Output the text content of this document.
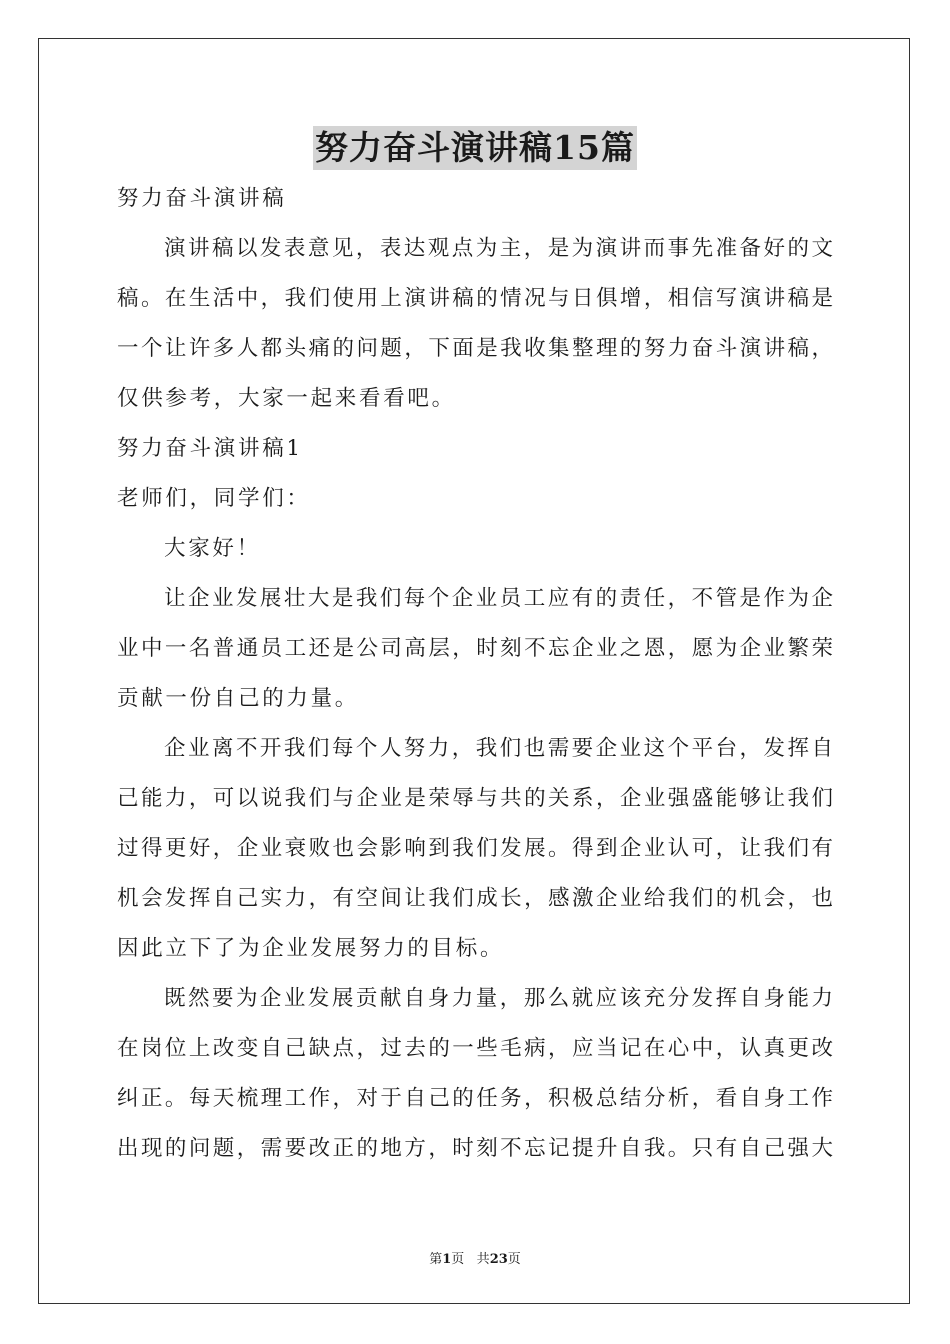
努力奋斗演讲稿15篇
努力奋斗演讲稿
演讲稿以发表意见，表达观点为主，是为演讲而事先准备好的文
稿。在生活中，我们使用上演讲稿的情况与日俱增，相信写演讲稿是
一个让许多人都头痛的问题，下面是我收集整理的努力奋斗演讲稿，
仅供参考，大家一起来看看吧。
努力奋斗演讲稿1
老师们，同学们：
大家好！
让企业发展壮大是我们每个企业员工应有的责任，不管是作为企
业中一名普通员工还是公司高层，时刻不忘企业之恩，愿为企业繁荣
贡献一份自己的力量。
企业离不开我们每个人努力，我们也需要企业这个平台，发挥自
己能力，可以说我们与企业是荣辱与共的关系，企业强盛能够让我们
过得更好，企业衰败也会影响到我们发展。得到企业认可，让我们有
机会发挥自己实力，有空间让我们成长，感激企业给我们的机会，也
因此立下了为企业发展努力的目标。
既然要为企业发展贡献自身力量，那么就应该充分发挥自身能力
在岗位上改变自己缺点，过去的一些毛病，应当记在心中，认真更改
纠正。每天梳理工作，对于自己的任务，积极总结分析，看自身工作
出现的问题，需要改正的地方，时刻不忘记提升自我。只有自己强大
第1页 共23页
